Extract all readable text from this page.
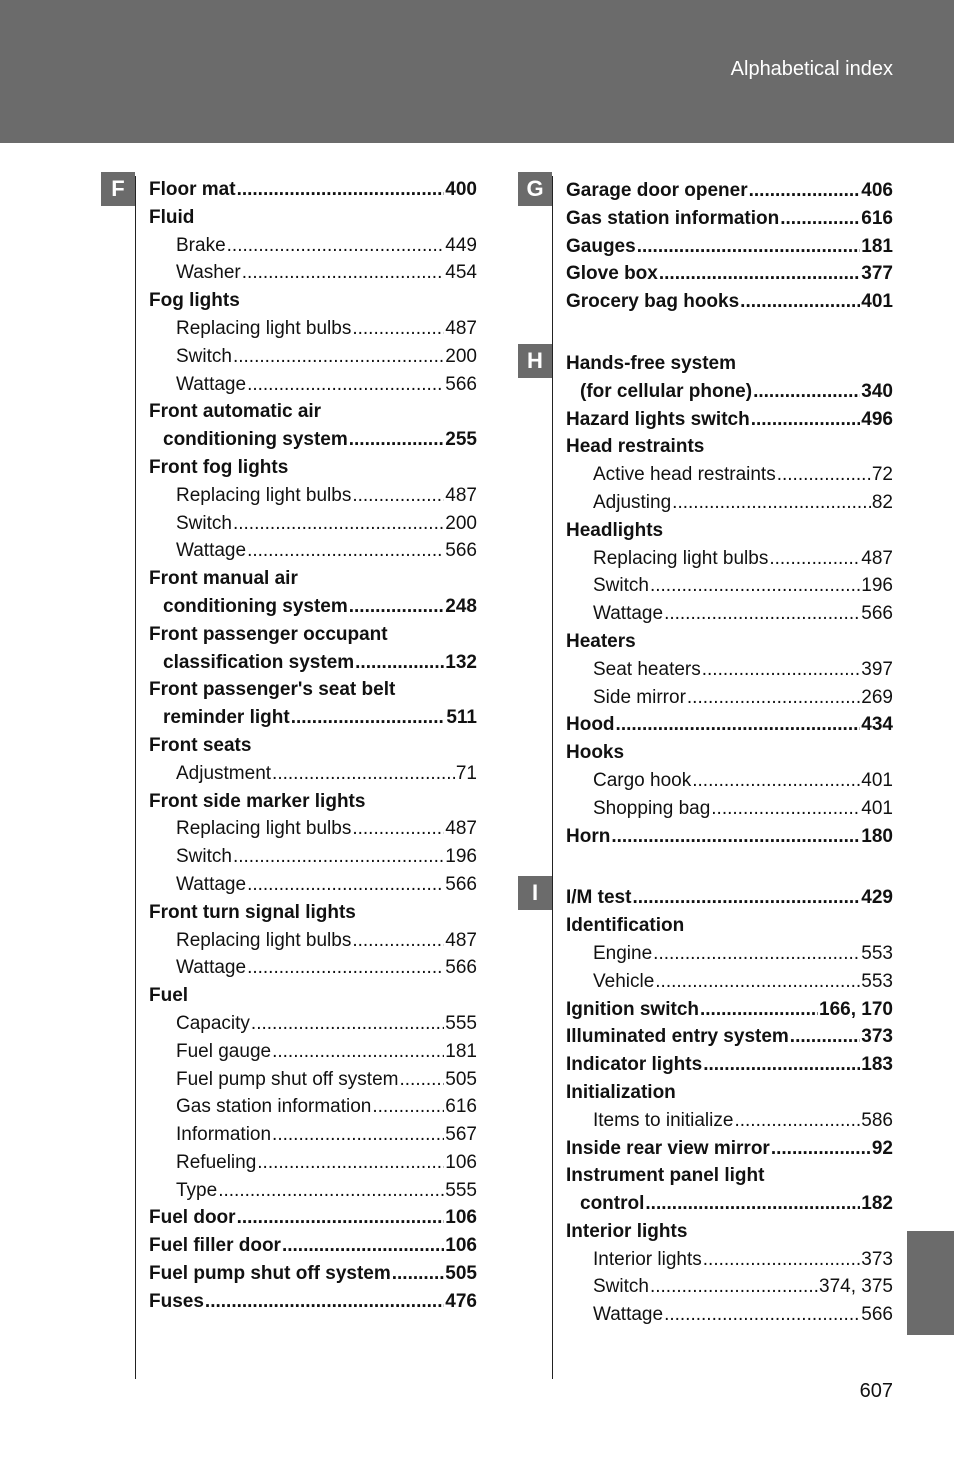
Alphabetical index
F	G
H
I
Floor mat .....	400
Fluid
Brake .....	449
Washer .....	454
Fog lights
Replacing light bulbs .....	487
Switch .....	200
Wattage .....	566
Front automatic air
conditioning system .....	255
Front fog lights
Replacing light bulbs .....	487
Switch .....	200
Wattage .....	566
Front manual air
conditioning system .....	248
Front passenger occupant
classification system .....	132
Front passenger's seat belt
reminder light .....	511
Front seats
Adjustment .....	71
Front side marker lights
Replacing light bulbs .....	487
Switch .....	196
Wattage .....	566
Front turn signal lights
Replacing light bulbs .....	487
Wattage .....	566
Fuel
Capacity .....	555
Fuel gauge .....	181
Fuel pump shut off system ..... 505
Gas station information .....	616
Information .....	567
Refueling .....	106
Type .....	555
Fuel door .....	106
Fuel filler door .....	106
Fuel pump shut off system .....	505
Fuses .....	476
Garage door opener .....	406
Gas station information .....	616
Gauges .....	181
Glove box .....	377
Grocery bag hooks .....	401
Hands-free system
(for cellular phone) .....	340
Hazard lights switch .....	496
Head restraints
Active head restraints .....	72
Adjusting .....	82
Headlights
Replacing light bulbs .....	487
Switch .....	196
Wattage .....	566
Heaters
Seat heaters .....	397
Side mirror .....	269
Hood .....	434
Hooks
Cargo hook .....	401
Shopping bag .....	401
Horn .....	180
I/M test .....	429
Identification
Engine .....	553
Vehicle .....	553
Ignition switch .....	166, 170
Illuminated entry system .....	373
Indicator lights .....	183
Initialization
Items to initialize .....	586
Inside rear view mirror .....	92
Instrument panel light
control .....	182
Interior lights
Interior lights .....	373
Switch .....	374, 375
Wattage .....	566
607
